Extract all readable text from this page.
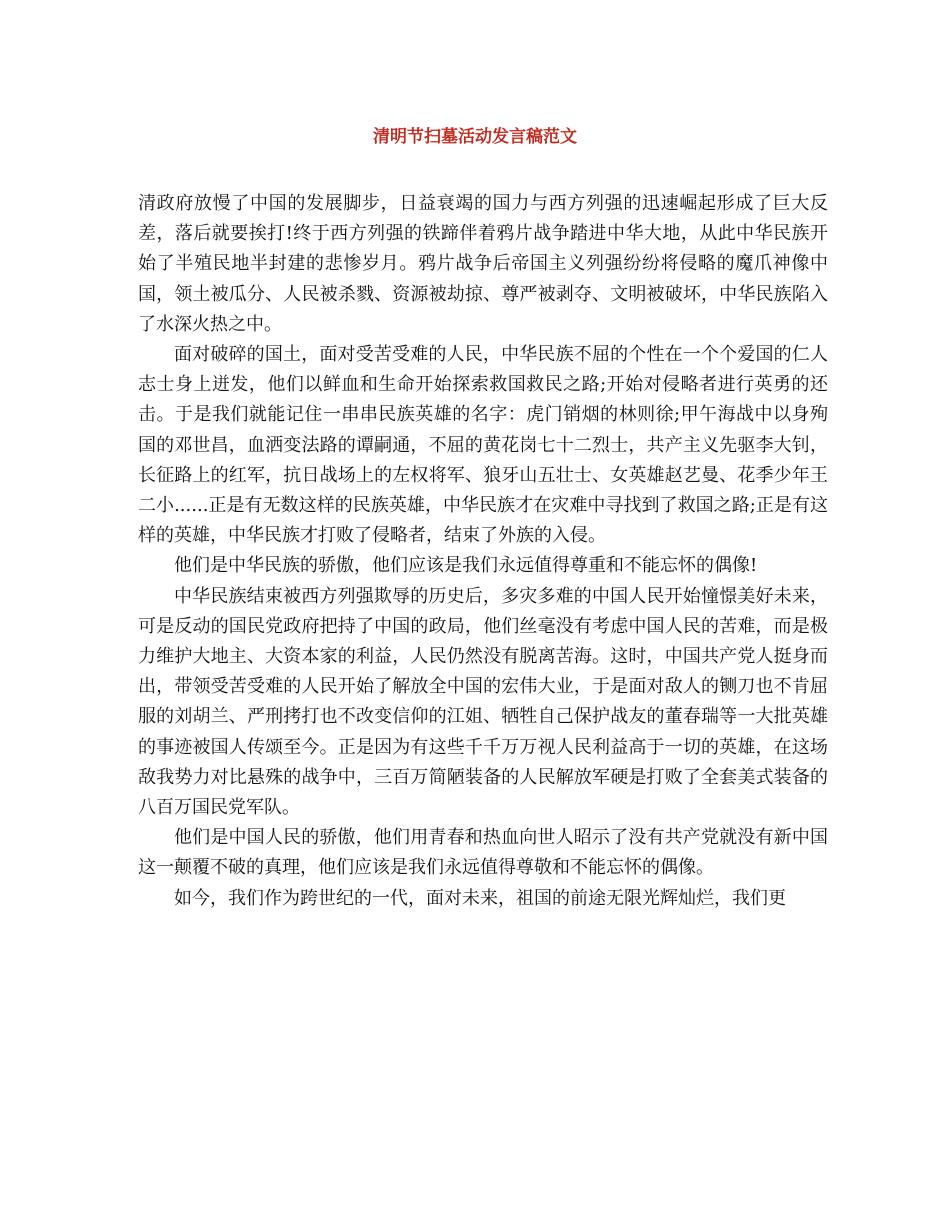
清明节扫墓活动发言稿范文

清政府放慢了中国的发展脚步，日益衰竭的国力与西方列强的迅速崛起形成了巨大反差，落后就要挨打!终于西方列强的铁蹄伴着鸦片战争踏进中华大地，从此中华民族开始了半殖民地半封建的悲惨岁月。鸦片战争后帝国主义列强纷纷将侵略的魔爪神像中国，领土被瓜分、人民被杀戮、资源被劫掠、尊严被剥夺、文明被破坏，中华民族陷入了水深火热之中。

面对破碎的国土，面对受苦受难的人民，中华民族不屈的个性在一个个爱国的仁人志士身上迸发，他们以鲜血和生命开始探索救国救民之路;开始对侵略者进行英勇的还击。于是我们就能记住一串串民族英雄的名字：虎门销烟的林则徐;甲午海战中以身殉国的邓世昌，血洒变法路的谭嗣通，不屈的黄花岗七十二烈士，共产主义先驱李大钊，长征路上的红军，抗日战场上的左权将军、狼牙山五壮士、女英雄赵艺曼、花季少年王二小......正是有无数这样的民族英雄，中华民族才在灾难中寻找到了救国之路;正是有这样的英雄，中华民族才打败了侵略者，结束了外族的入侵。

他们是中华民族的骄傲，他们应该是我们永远值得尊重和不能忘怀的偶像!

中华民族结束被西方列强欺辱的历史后，多灾多难的中国人民开始憧憬美好未来，可是反动的国民党政府把持了中国的政局，他们丝毫没有考虑中国人民的苦难，而是极力维护大地主、大资本家的利益，人民仍然没有脱离苦海。这时，中国共产党人挺身而出，带领受苦受难的人民开始了解放全中国的宏伟大业，于是面对敌人的铡刀也不肯屈服的刘胡兰、严刑拷打也不改变信仰的江姐、牺牲自己保护战友的董春瑞等一大批英雄的事迹被国人传颂至今。正是因为有这些千千万万视人民利益高于一切的英雄，在这场敌我势力对比悬殊的战争中，三百万简陋装备的人民解放军硬是打败了全套美式装备的八百万国民党军队。

他们是中国人民的骄傲，他们用青春和热血向世人昭示了没有共产党就没有新中国这一颠覆不破的真理，他们应该是我们永远值得尊敬和不能忘怀的偶像。

如今，我们作为跨世纪的一代，面对未来，祖国的前途无限光辉灿烂，我们更
